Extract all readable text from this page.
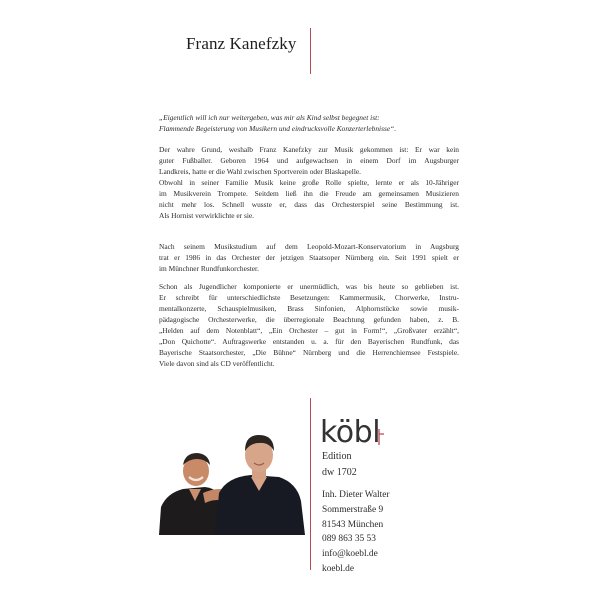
Franz Kanefzky
„Eigentlich will ich nur weitergeben, was mir als Kind selbst begegnet ist:
Flammende Begeisterung von Musikern und eindrucksvolle Konzerterlebnisse“.
Der wahre Grund, weshalb Franz Kanefzky zur Musik gekommen ist: Er war kein
guter Fußballer. Geboren 1964 und aufgewachsen in einem Dorf im Augsburger
Landkreis, hatte er die Wahl zwischen Sportverein oder Blaskapelle.
Obwohl in seiner Familie Musik keine große Rolle spielte, lernte er als 10-Jähriger
im Musikverein Trompete. Seitdem ließ ihn die Freude am gemeinsamen Musizieren
nicht mehr los. Schnell wusste er, dass das Orchesterspiel seine Bestimmung ist.
Als Hornist verwirklichte er sie.
Nach seinem Musikstudium auf dem Leopold-Mozart-Konservatorium in Augsburg
trat er 1986 in das Orchester der jetzigen Staatsoper Nürnberg ein. Seit 1991 spielt er
im Münchner Rundfunkorchester.
Schon als Jugendlicher komponierte er unermüdlich, was bis heute so geblieben ist.
Er schreibt für unterschiedlichste Besetzungen: Kammermusik, Chorwerke, Instru-
mentalkonzerte, Schauspielmusiken, Brass Sinfonien, Alphornstücke sowie musik-
pädagogische Orchesterwerke, die überregionale Beachtung gefunden haben, z. B.
„Helden auf dem Notenblatt“, „Ein Orchester – gut in Form!“, „Großvater erzählt“,
„Don Quichotte“. Auftragswerke entstanden u. a. für den Bayerischen Rundfunk, das
Bayerische Staatsorchester, „Die Bühne“ Nürnberg und die Herrenchiemsee Festspiele.
Viele davon sind als CD veröffentlicht.
köbl
Edition
dw 1702
Inh. Dieter Walter
Sommerstraße 9
81543 München
089 863 35 53
info@koebl.de
koebl.de
